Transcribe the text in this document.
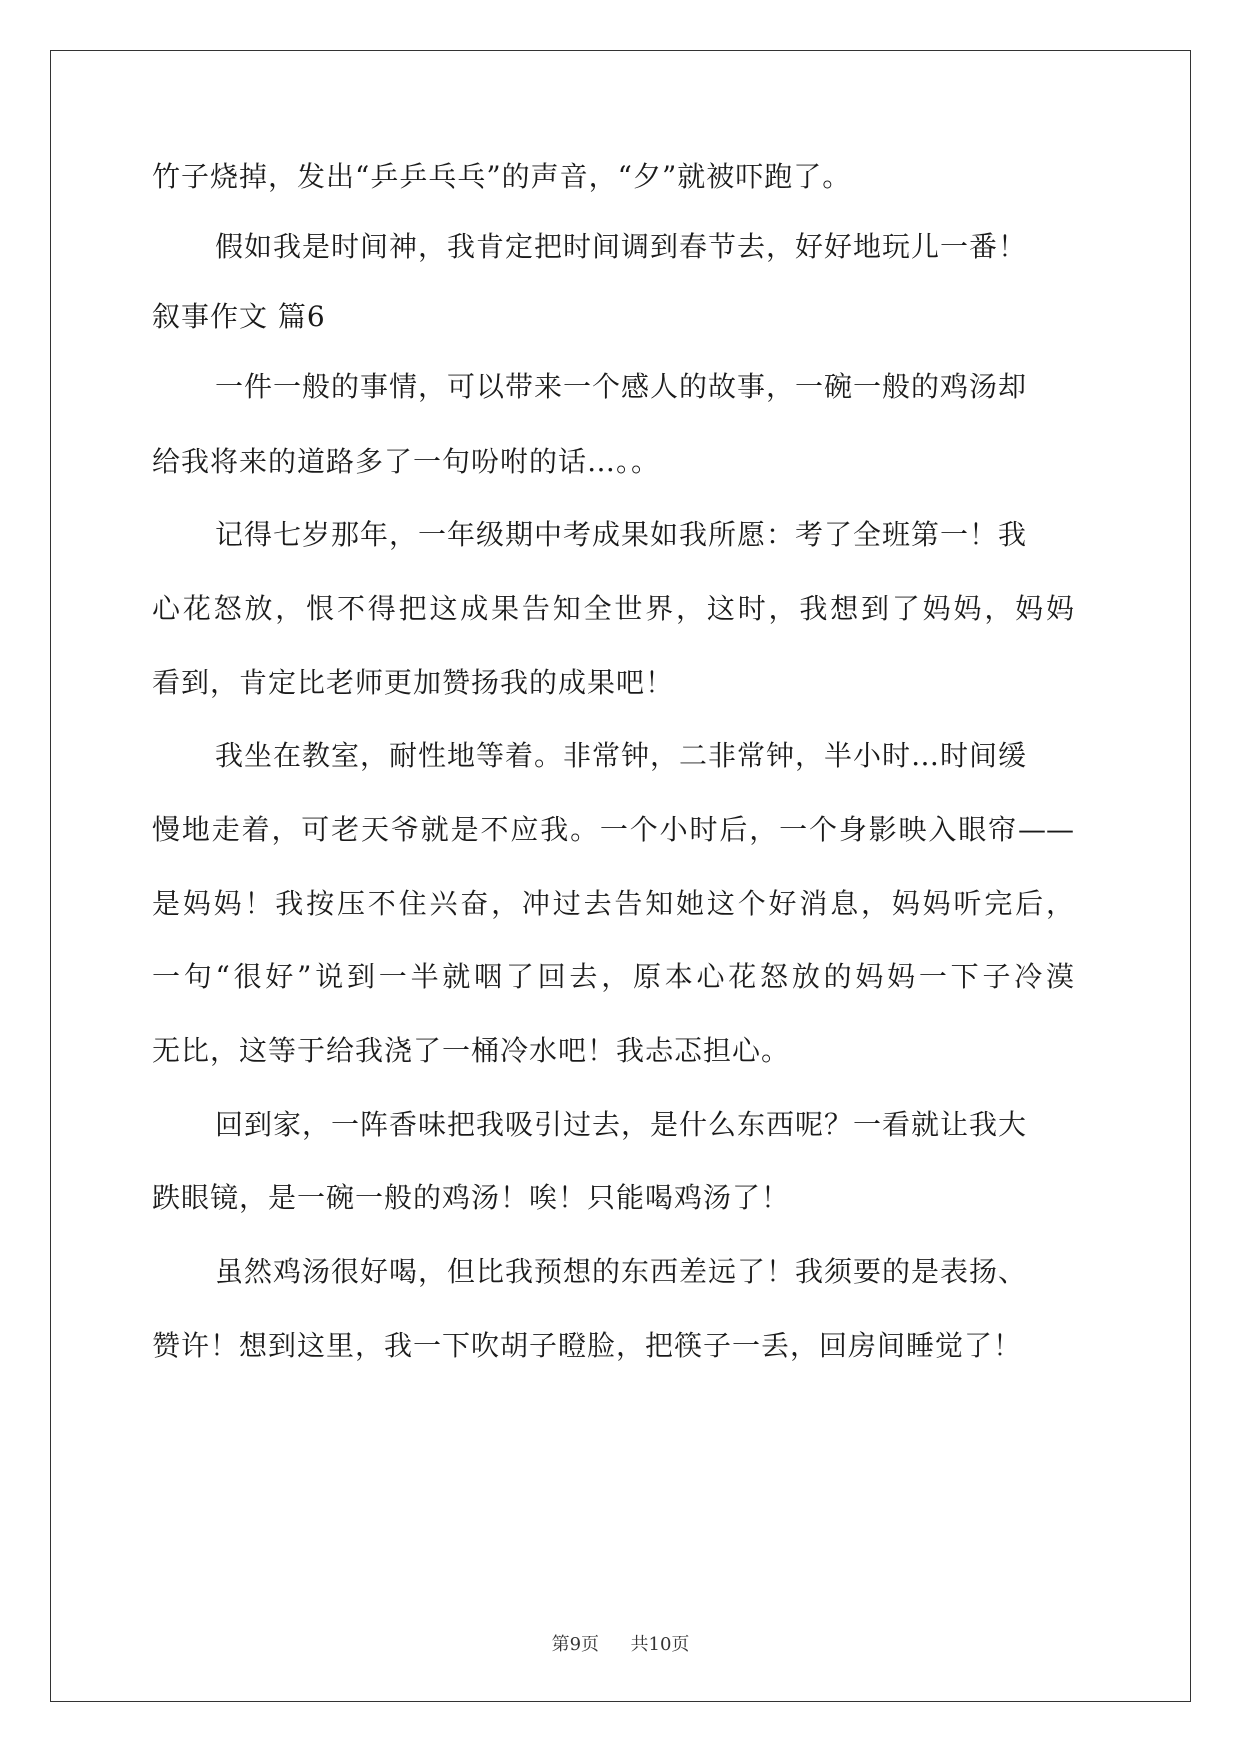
竹子烧掉，发出“乒乒乓乓”的声音，“夕”就被吓跑了。

假如我是时间神，我肯定把时间调到春节去，好好地玩儿一番！

叙事作文 篇6

一件一般的事情，可以带来一个感人的故事，一碗一般的鸡汤却

给我将来的道路多了一句吩咐的话…。。

记得七岁那年，一年级期中考成果如我所愿：考了全班第一！我

心花怒放，恨不得把这成果告知全世界，这时，我想到了妈妈，妈妈

看到，肯定比老师更加赞扬我的成果吧！

我坐在教室，耐性地等着。非常钟，二非常钟，半小时…时间缓

慢地走着，可老天爷就是不应我。一个小时后，一个身影映入眼帘——

是妈妈！我按压不住兴奋，冲过去告知她这个好消息，妈妈听完后，

一句“很好”说到一半就咽了回去，原本心花怒放的妈妈一下子冷漠

无比，这等于给我浇了一桶冷水吧！我忐忑担心。

回到家，一阵香味把我吸引过去，是什么东西呢？一看就让我大

跌眼镜，是一碗一般的鸡汤！唉！只能喝鸡汤了！

虽然鸡汤很好喝，但比我预想的东西差远了！我须要的是表扬、

赞许！想到这里，我一下吹胡子瞪脸，把筷子一丢，回房间睡觉了！

第9页 共10页
